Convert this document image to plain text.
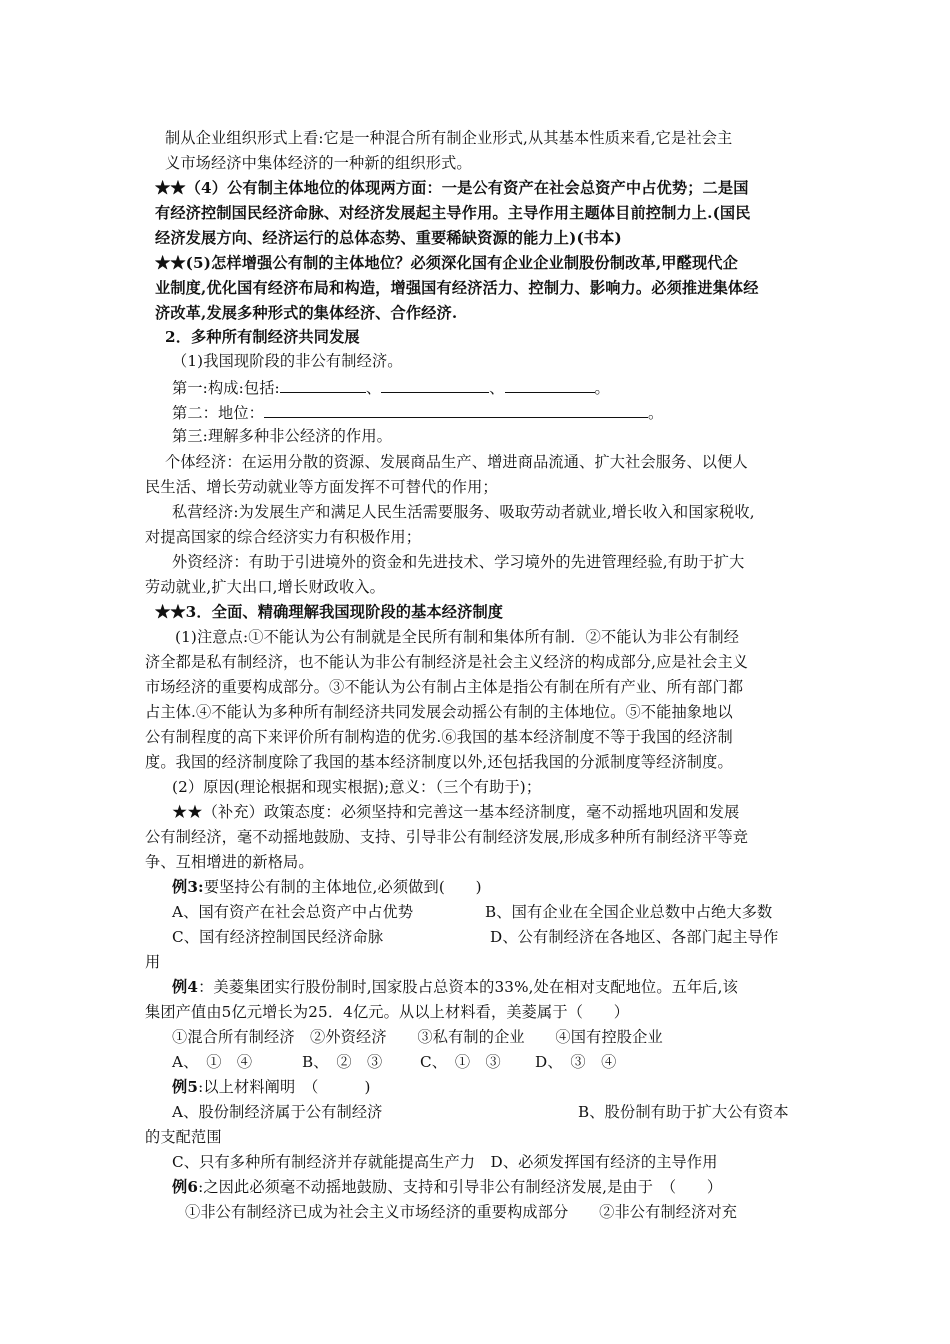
制从企业组织形式上看:它是一种混合所有制企业形式,从其基本性质来看,它是社会主
义市场经济中集体经济的一种新的组织形式。
★★（4）公有制主体地位的体现两方面：一是公有资产在社会总资产中占优势；二是国
有经济控制国民经济命脉、对经济发展起主导作用。主导作用主题体目前控制力上.(国民
经济发展方向、经济运行的总体态势、重要稀缺资源的能力上)(书本)
★★(5)怎样增强公有制的主体地位？必须深化国有企业企业制股份制改革,甲醛现代企
业制度,优化国有经济布局和构造，增强国有经济活力、控制力、影响力。必须推进集体经
济改革,发展多种形式的集体经济、合作经济.
2．多种所有制经济共同发展
（1)我国现阶段的非公有制经济。
第一:构成:包括:	、	、	。
第二：地位：	。
第三:理解多种非公经济的作用。
个体经济：在运用分散的资源、发展商品生产、增进商品流通、扩大社会服务、以便人
民生活、增长劳动就业等方面发挥不可替代的作用；
私营经济:为发展生产和满足人民生活需要服务、吸取劳动者就业,增长收入和国家税收,
对提高国家的综合经济实力有积极作用；
外资经济：有助于引进境外的资金和先进技术、学习境外的先进管理经验,有助于扩大
劳动就业,扩大出口,增长财政收入。
★★3．全面、精确理解我国现阶段的基本经济制度
(1)注意点:①不能认为公有制就是全民所有制和集体所有制．②不能认为非公有制经
济全都是私有制经济，也不能认为非公有制经济是社会主义经济的构成部分,应是社会主义
市场经济的重要构成部分。③不能认为公有制占主体是指公有制在所有产业、所有部门都
占主体.④不能认为多种所有制经济共同发展会动摇公有制的主体地位。⑤不能抽象地以
公有制程度的高下来评价所有制构造的优劣.⑥我国的基本经济制度不等于我国的经济制
度。我国的经济制度除了我国的基本经济制度以外,还包括我国的分派制度等经济制度。
(2）原因(理论根据和现实根据);意义：（三个有助于)；
★★（补充）政策态度：必须坚持和完善这一基本经济制度，毫不动摇地巩固和发展
公有制经济，毫不动摇地鼓励、支持、引导非公有制经济发展,形成多种所有制经济平等竞
争、互相增进的新格局。
例3:要坚持公有制的主体地位,必须做到(　　)
A、国有资产在社会总资产中占优势	B、国有企业在全国企业总数中占绝大多数
C、国有经济控制国民经济命脉	D、公有制经济在各地区、各部门起主导作
用
例4：美菱集团实行股份制时,国家股占总资本的33%,处在相对支配地位。五年后,该
集团产值由5亿元增长为25．4亿元。从以上材料看，美菱属于（　　）
①混合所有制经济　②外资经济　　③私有制的企业　　④国有控股企业
A、　①　④	B、　②　③ C、　①　③ D、　③　④
例5:以上材料阐明　（　　　)
A、股份制经济属于公有制经济	B、股份制有助于扩大公有资本
的支配范围
C、只有多种所有制经济并存就能提高生产力　D、必须发挥国有经济的主导作用
例6:之因此必须毫不动摇地鼓励、支持和引导非公有制经济发展,是由于　（　　）
①非公有制经济已成为社会主义市场经济的重要构成部分　　②非公有制经济对充
